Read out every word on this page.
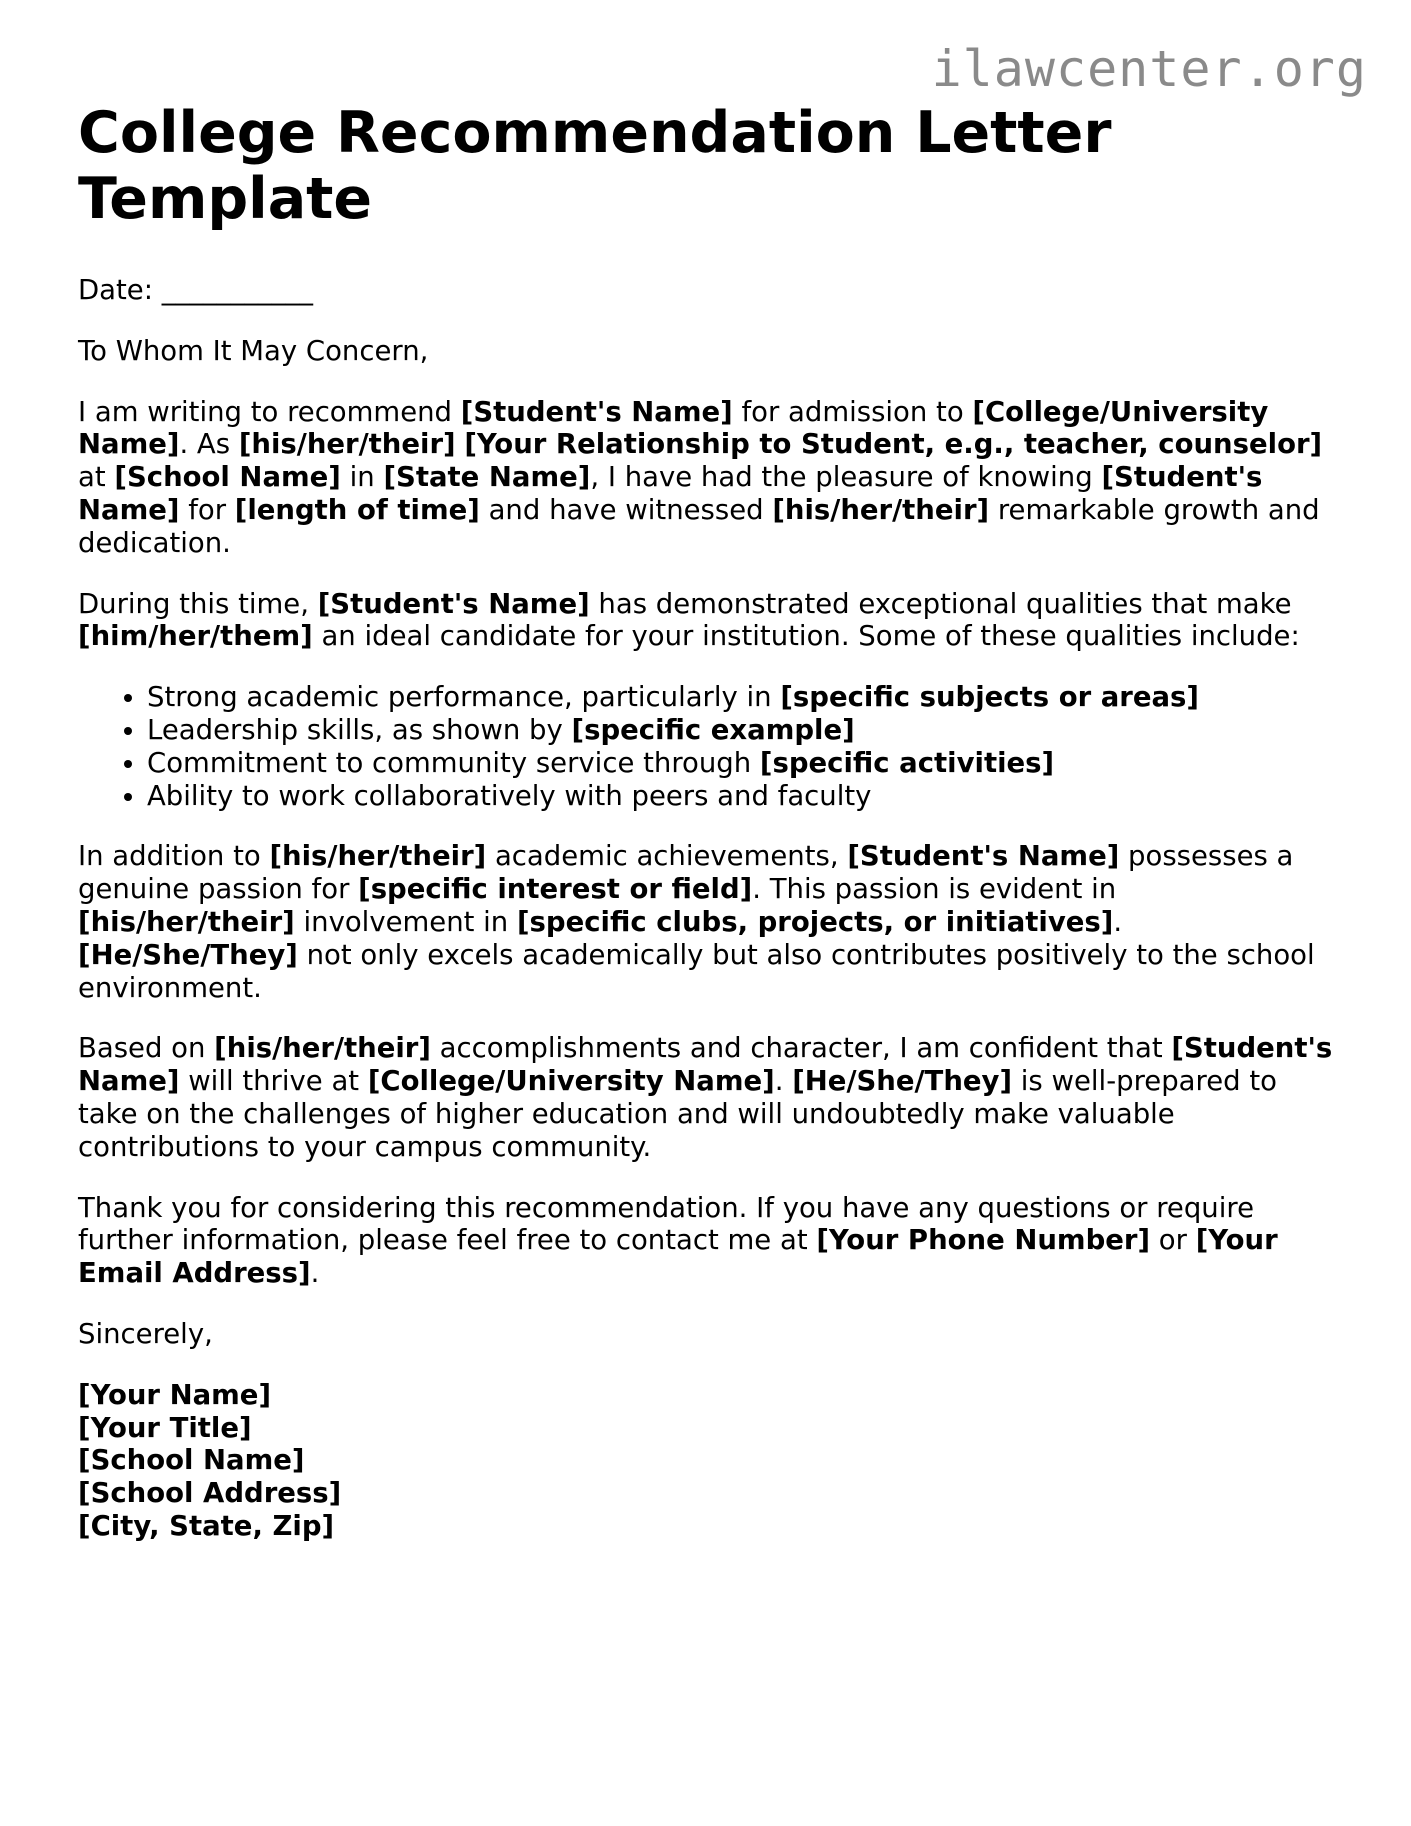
ilawcenter.org
College Recommendation Letter Template

Date: ___________

To Whom It May Concern,

I am writing to recommend [Student's Name] for admission to [College/University Name]. As [his/her/their] [Your Relationship to Student, e.g., teacher, counselor] at [School Name] in [State Name], I have had the pleasure of knowing [Student's Name] for [length of time] and have witnessed [his/her/their] remarkable growth and dedication.

During this time, [Student's Name] has demonstrated exceptional qualities that make [him/her/them] an ideal candidate for your institution. Some of these qualities include:

• Strong academic performance, particularly in [specific subjects or areas]
• Leadership skills, as shown by [specific example]
• Commitment to community service through [specific activities]
• Ability to work collaboratively with peers and faculty

In addition to [his/her/their] academic achievements, [Student's Name] possesses a genuine passion for [specific interest or field]. This passion is evident in [his/her/their] involvement in [specific clubs, projects, or initiatives]. [He/She/They] not only excels academically but also contributes positively to the school environment.

Based on [his/her/their] accomplishments and character, I am confident that [Student's Name] will thrive at [College/University Name]. [He/She/They] is well-prepared to take on the challenges of higher education and will undoubtedly make valuable contributions to your campus community.

Thank you for considering this recommendation. If you have any questions or require further information, please feel free to contact me at [Your Phone Number] or [Your Email Address].

Sincerely,

[Your Name]
[Your Title]
[School Name]
[School Address]
[City, State, Zip]
